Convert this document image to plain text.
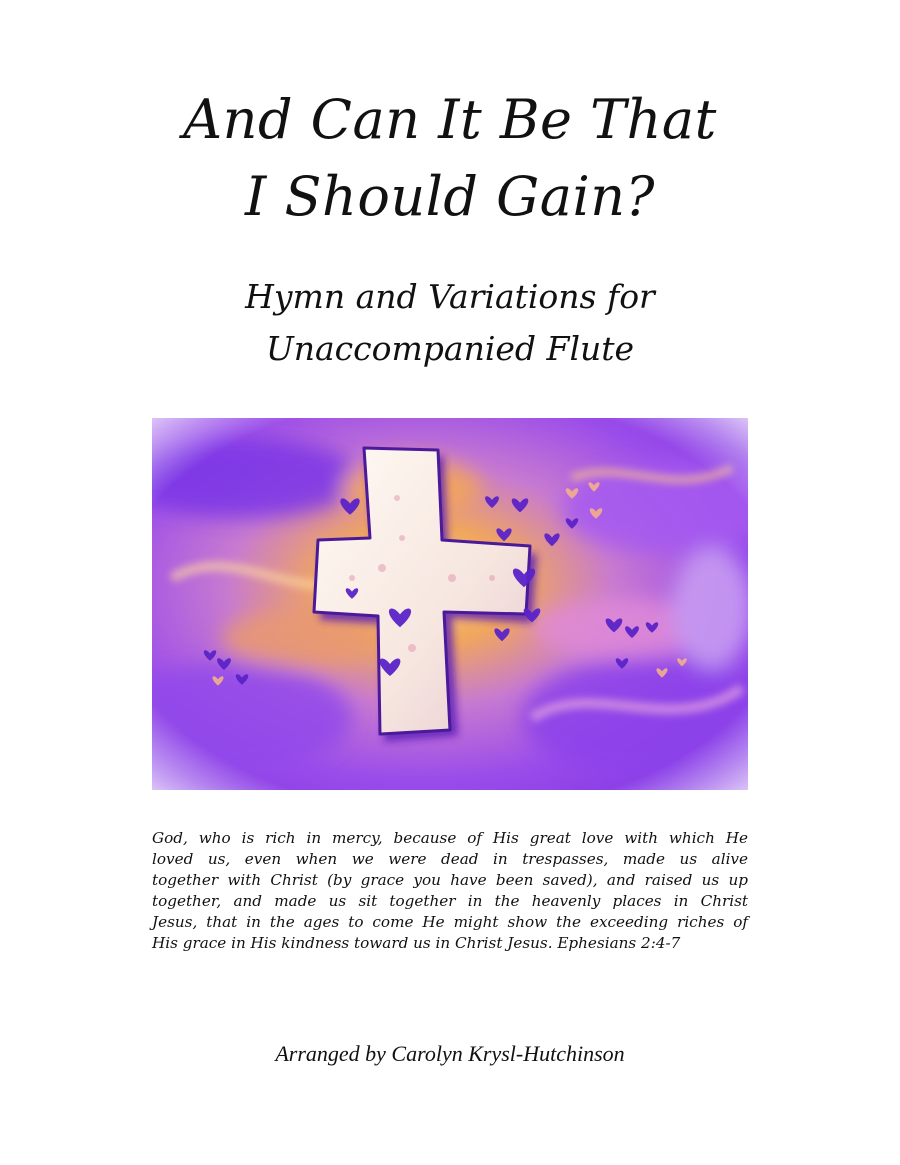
And Can It Be That
I Should Gain?
Hymn and Variations for
Unaccompanied Flute
God, who is rich in mercy, because of His great love with which He
loved us, even when we were dead in trespasses, made us alive
together with Christ (by grace you have been saved), and raised us up
together, and made us sit together in the heavenly places in Christ
Jesus, that in the ages to come He might show the exceeding riches of
His grace in His kindness toward us in Christ Jesus. Ephesians 2:4-7
Arranged by Carolyn Krysl-Hutchinson
